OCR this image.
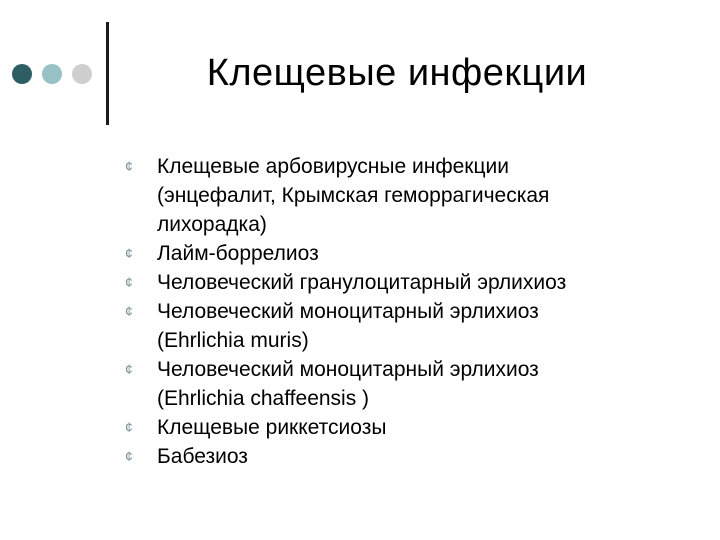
Клещевые инфекции
¢	Клещевые арбовирусные инфекции
(энцефалит, Крымская геморрагическая
лихорадка)
¢	Лайм-боррелиоз
¢	Человеческий гранулоцитарный эрлихиоз
¢	Человеческий моноцитарный эрлихиоз
(Ehrlichia muris)
¢	Человеческий моноцитарный эрлихиоз
(Ehrlichia chaffeensis )
¢	Клещевые риккетсиозы
¢	Бабезиоз
